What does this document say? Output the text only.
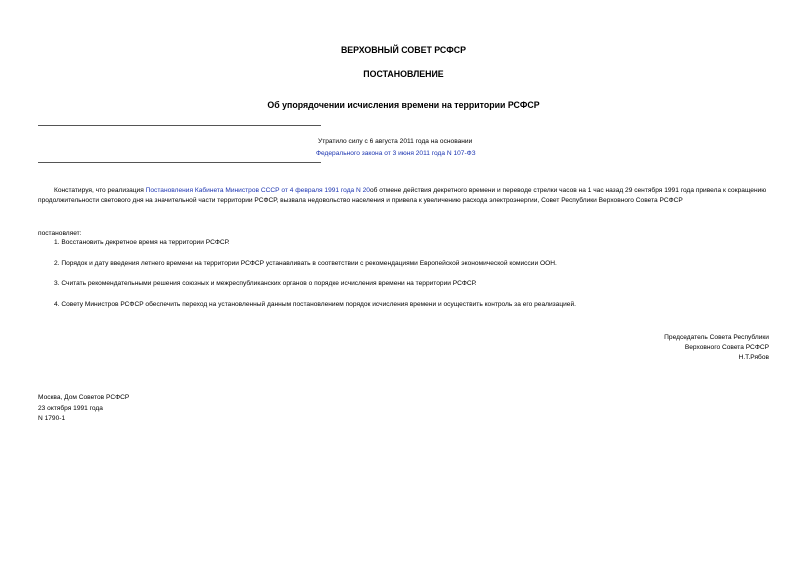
ВЕРХОВНЫЙ СОВЕТ РСФСР
ПОСТАНОВЛЕНИЕ
Об упорядочении исчисления времени на территории РСФСР
Утратило силу с 6 августа 2011 года на основании
Федерального закона от 3 июня 2011 года N 107-ФЗ
Констатируя, что реализация Постановления Кабинета Министров СССР от 4 февраля 1991 года N 20об отмене действия декретного времени и переводе стрелки часов на 1 час назад 29 сентября 1991 года привела к сокращению продолжительности светового дня на значительной части территории РСФСР, вызвала недовольство населения и привела к увеличению расхода электроэнергии, Совет Республики Верховного Совета РСФСР
постановляет:
1. Восстановить декретное время на территории РСФСР.
2. Порядок и дату введения летнего времени на территории РСФСР устанавливать в соответствии с рекомендациями Европейской экономической комиссии ООН.
3. Считать рекомендательными решения союзных и межреспубликанских органов о порядке исчисления времени на территории РСФСР.
4. Совету Министров РСФСР обеспечить переход на установленный данным постановлением порядок исчисления времени и осуществить контроль за его реализацией.
Председатель Совета Республики
Верховного Совета РСФСР
Н.Т.Рябов
Москва, Дом Советов РСФСР
23 октября 1991 года
N 1790-1
